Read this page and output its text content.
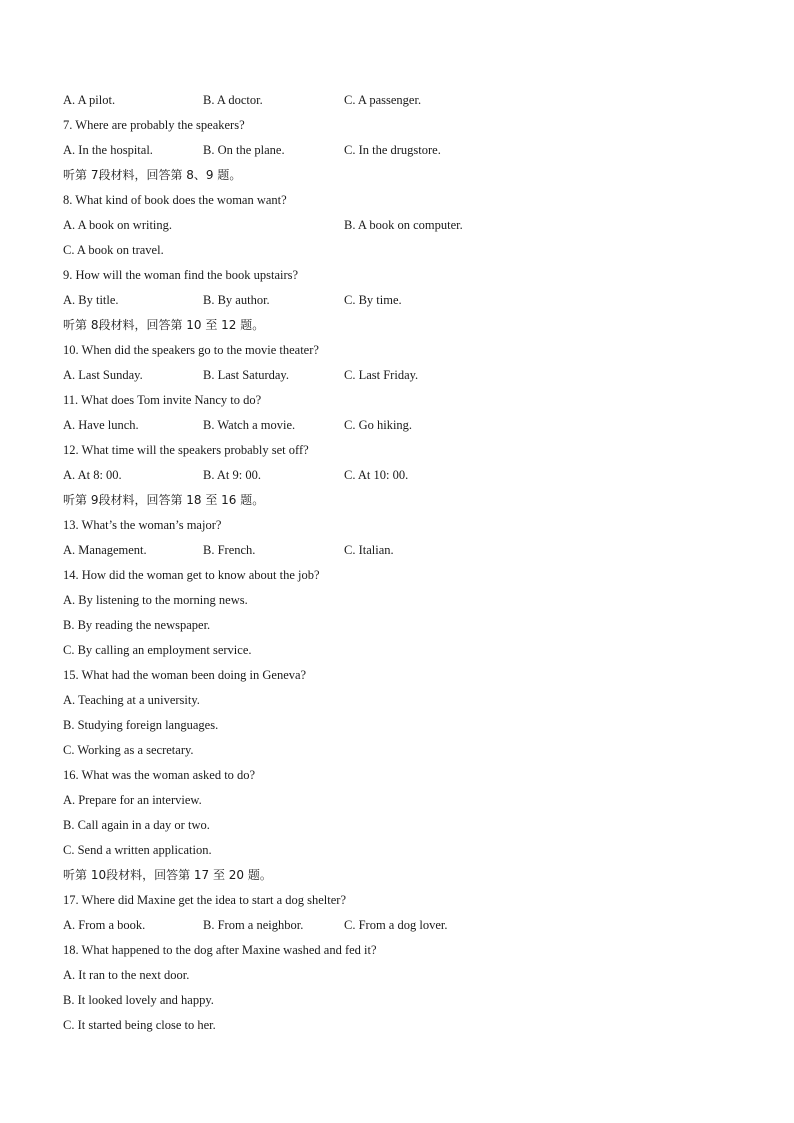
A. A pilot.	B. A doctor.	C. A passenger.
7. Where are probably the speakers?
A. In the hospital.	B. On the plane.	C. In the drugstore.
听第 7段材料，回答第 8、9 题。
8. What kind of book does the woman want?
A. A book on writing.	B. A book on computer.
C. A book on travel.
9. How will the woman find the book upstairs?
A. By title.	B. By author.	C. By time.
听第 8段材料，回答第 10 至 12 题。
10. When did the speakers go to the movie theater?
A. Last Sunday.	B. Last Saturday.	C. Last Friday.
11. What does Tom invite Nancy to do?
A. Have lunch.	B. Watch a movie.	C. Go hiking.
12. What time will the speakers probably set off?
A. At 8: 00.	B. At 9: 00.	C. At 10: 00.
听第 9段材料，回答第 18 至 16 题。
13. What’s the woman’s major?
A. Management.	B. French.	C. Italian.
14. How did the woman get to know about the job?
A. By listening to the morning news.
B. By reading the newspaper.
C. By calling an employment service.
15. What had the woman been doing in Geneva?
A. Teaching at a university.
B. Studying foreign languages.
C. Working as a secretary.
16. What was the woman asked to do?
A. Prepare for an interview.
B. Call again in a day or two.
C. Send a written application.
听第 10段材料，回答第 17 至 20 题。
17. Where did Maxine get the idea to start a dog shelter?
A. From a book.	B. From a neighbor.	C. From a dog lover.
18. What happened to the dog after Maxine washed and fed it?
A. It ran to the next door.
B. It looked lovely and happy.
C. It started being close to her.
